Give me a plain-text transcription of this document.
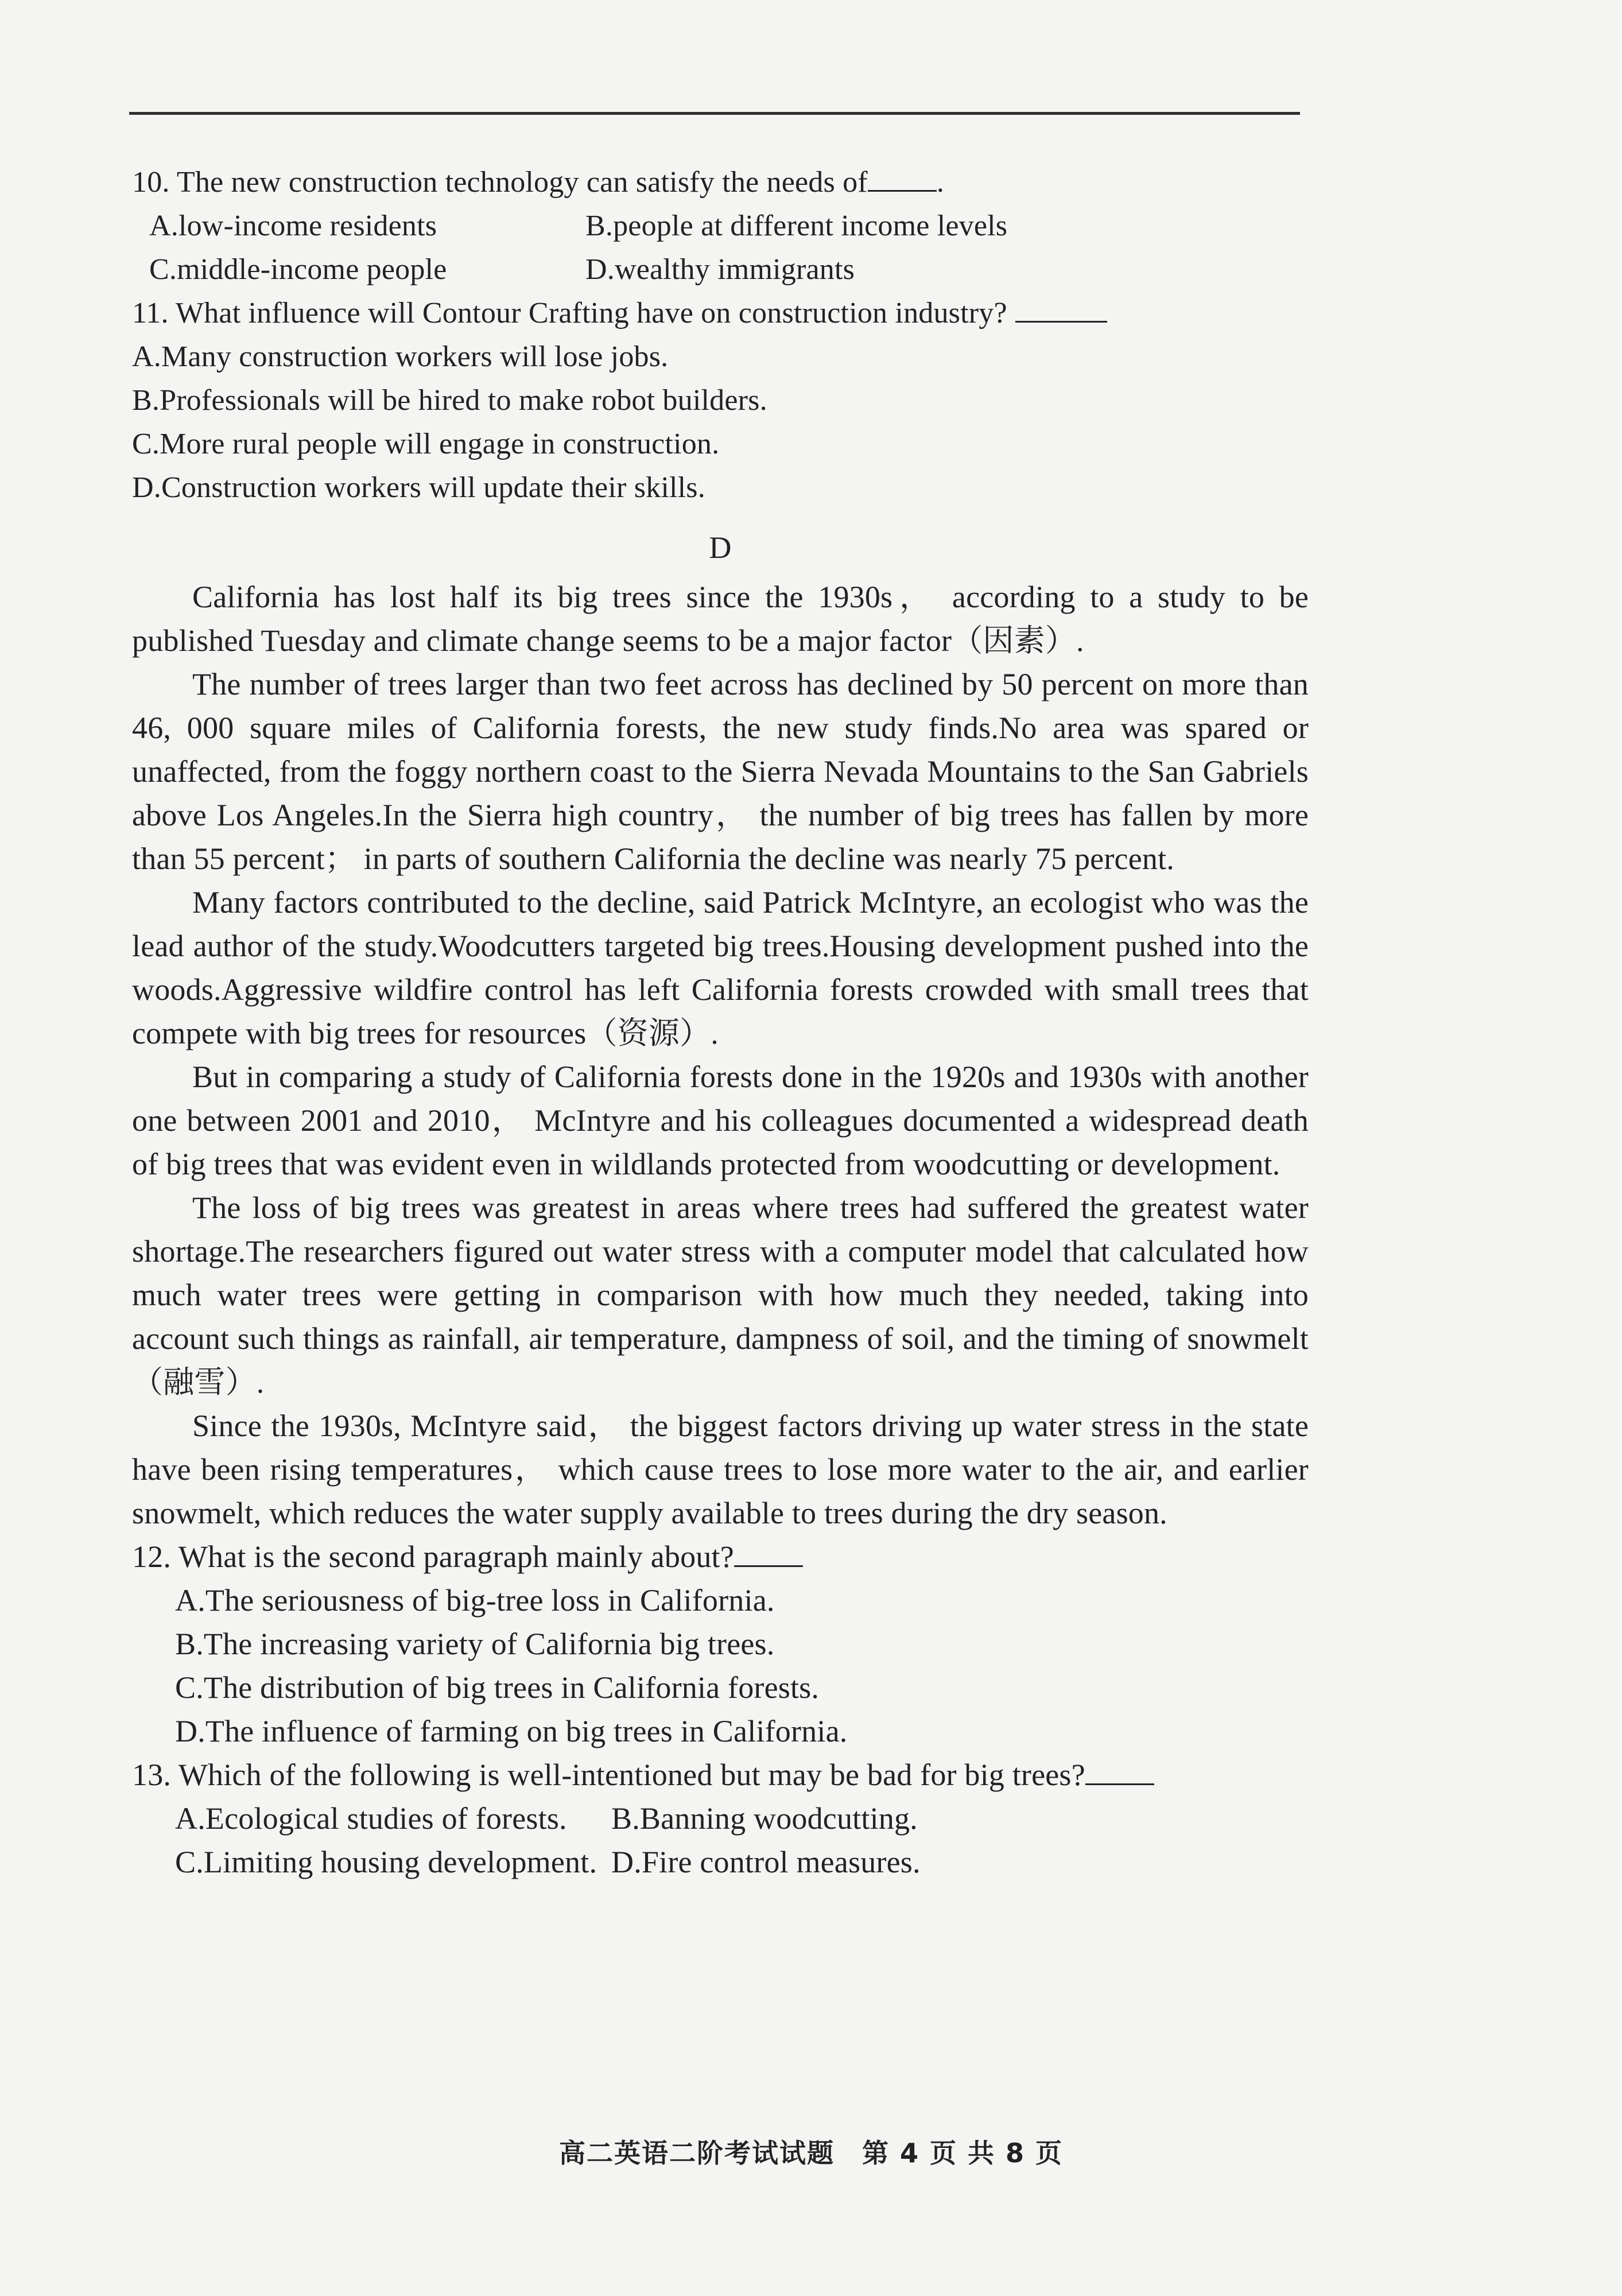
10. The new construction technology can satisfy the needs of .
A.low-income residents	B.people at different income levels
C.middle-income people	D.wealthy immigrants
11. What influence will Contour Crafting have on construction industry?
A.Many construction workers will lose jobs.
B.Professionals will be hired to make robot builders.
C.More rural people will engage in construction.
D.Construction workers will update their skills.
D

California has lost half its big trees since the 1930s， according to a study to be published Tuesday and climate change seems to be a major factor（因素）.

The number of trees larger than two feet across has declined by 50 percent on more than 46, 000 square miles of California forests, the new study finds.No area was spared or unaffected, from the foggy northern coast to the Sierra Nevada Mountains to the San Gabriels above Los Angeles.In the Sierra high country， the number of big trees has fallen by more than 55 percent； in parts of southern California the decline was nearly 75 percent.

Many factors contributed to the decline, said Patrick McIntyre, an ecologist who was the lead author of the study.Woodcutters targeted big trees.Housing development pushed into the woods.Aggressive wildfire control has left California forests crowded with small trees that compete with big trees for resources（资源）.

But in comparing a study of California forests done in the 1920s and 1930s with another one between 2001 and 2010， McIntyre and his colleagues documented a widespread death of big trees that was evident even in wildlands protected from woodcutting or development.

The loss of big trees was greatest in areas where trees had suffered the greatest water shortage.The researchers figured out water stress with a computer model that calculated how much water trees were getting in comparison with how much they needed, taking into account such things as rainfall, air temperature, dampness of soil, and the timing of snowmelt（融雪）.

Since the 1930s, McIntyre said， the biggest factors driving up water stress in the state have been rising temperatures， which cause trees to lose more water to the air, and earlier snowmelt, which reduces the water supply available to trees during the dry season.

12. What is the second paragraph mainly about?
A.The seriousness of big-tree loss in California.
B.The increasing variety of California big trees.
C.The distribution of big trees in California forests.
D.The influence of farming on big trees in California.
13. Which of the following is well-intentioned but may be bad for big trees?
A.Ecological studies of forests.	B.Banning woodcutting.
C.Limiting housing development. D.Fire control measures.
高二英语二阶考试试题　第 4 页 共 8 页
